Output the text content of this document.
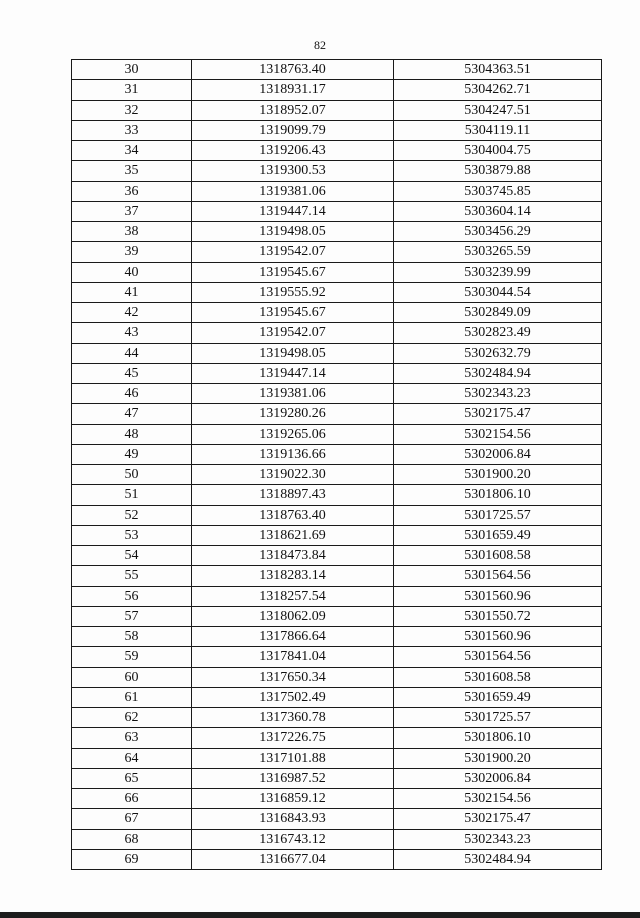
82
30	1318763.40	5304363.51
31	1318931.17	5304262.71
32	1318952.07	5304247.51
33	1319099.79	5304119.11
34	1319206.43	5304004.75
35	1319300.53	5303879.88
36	1319381.06	5303745.85
37	1319447.14	5303604.14
38	1319498.05	5303456.29
39	1319542.07	5303265.59
40	1319545.67	5303239.99
41	1319555.92	5303044.54
42	1319545.67	5302849.09
43	1319542.07	5302823.49
44	1319498.05	5302632.79
45	1319447.14	5302484.94
46	1319381.06	5302343.23
47	1319280.26	5302175.47
48	1319265.06	5302154.56
49	1319136.66	5302006.84
50	1319022.30	5301900.20
51	1318897.43	5301806.10
52	1318763.40	5301725.57
53	1318621.69	5301659.49
54	1318473.84	5301608.58
55	1318283.14	5301564.56
56	1318257.54	5301560.96
57	1318062.09	5301550.72
58	1317866.64	5301560.96
59	1317841.04	5301564.56
60	1317650.34	5301608.58
61	1317502.49	5301659.49
62	1317360.78	5301725.57
63	1317226.75	5301806.10
64	1317101.88	5301900.20
65	1316987.52	5302006.84
66	1316859.12	5302154.56
67	1316843.93	5302175.47
68	1316743.12	5302343.23
69	1316677.04	5302484.94
